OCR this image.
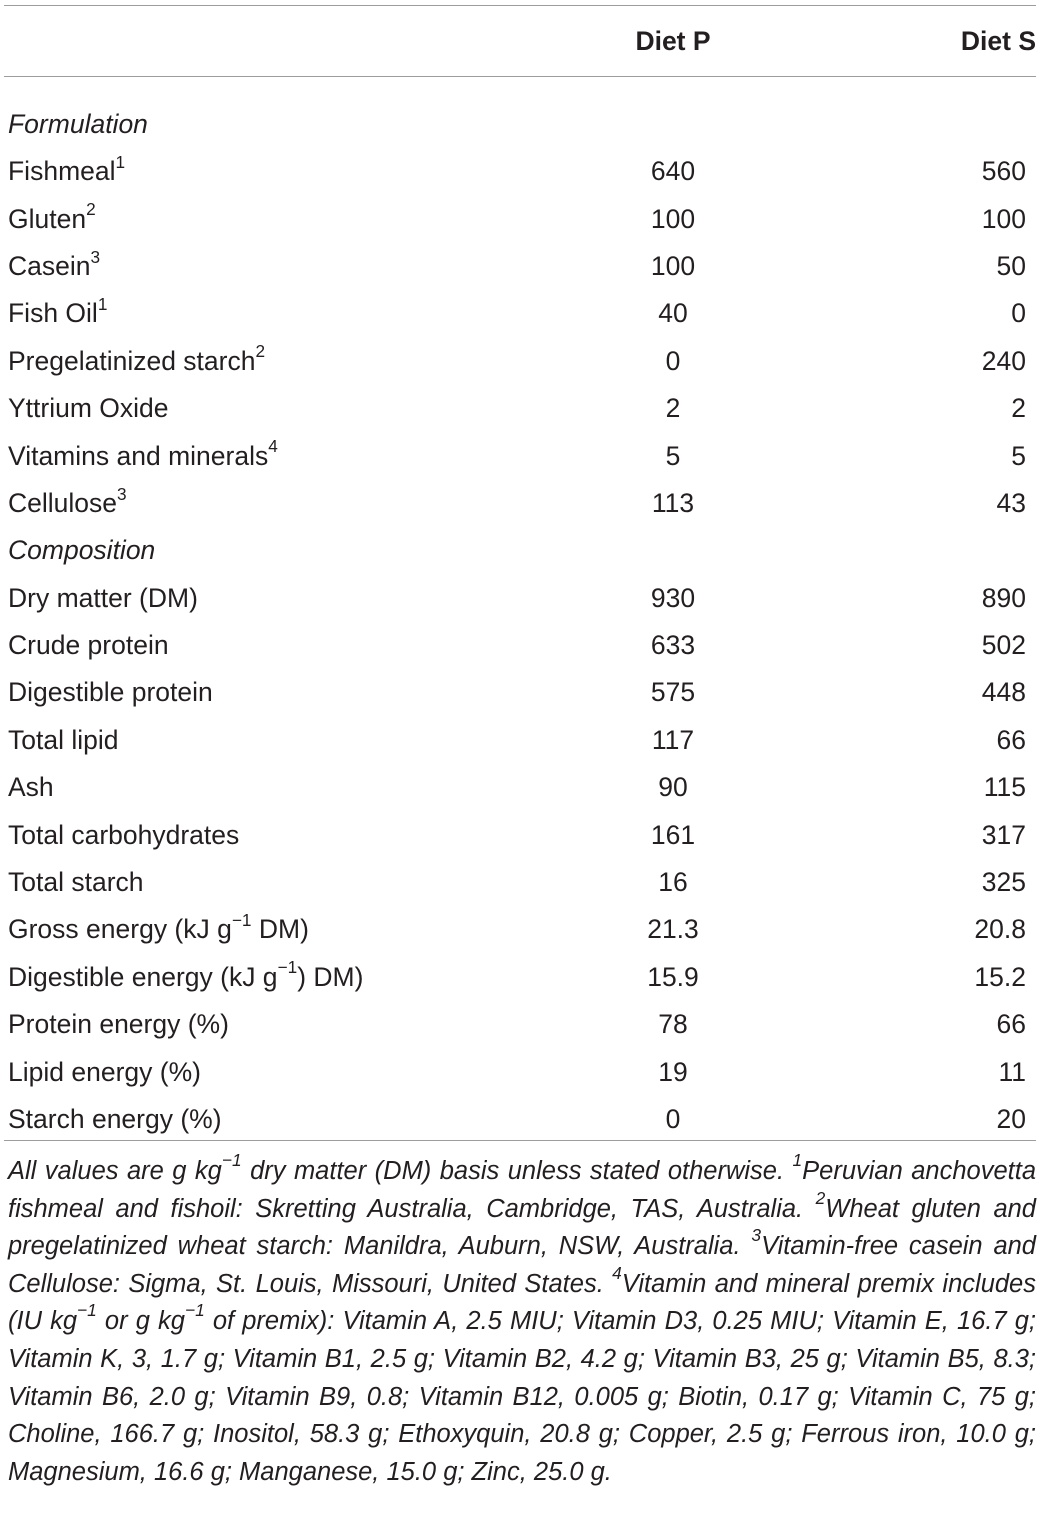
	Diet P	Diet S
Formulation		
Fishmeal$^1$	640	560
Gluten$^2$	100	100
Casein$^3$	100	50
Fish Oil$^1$	40	0
Pregelatinized starch$^2$	0	240
Yttrium Oxide	2	2
Vitamins and minerals$^4$	5	5
Cellulose$^3$	113	43
Composition		
Dry matter (DM)	930	890
Crude protein	633	502
Digestible protein	575	448
Total lipid	117	66
Ash	90	115
Total carbohydrates	161	317
Total starch	16	325
Gross energy (kJ $g^{-1}$ DM)	21.3	20.8
Digestible energy (kJ $g^{-1}$) DM)	15.9	15.2
Protein energy (%)	78	66
Lipid energy (%)	19	11
Starch energy (%)	0	20

All values are g $kg^{-1}$ dry matter (DM) basis unless stated otherwise. $^1$Peruvian anchovetta fishmeal and fishoil: Skretting Australia, Cambridge, TAS, Australia. $^2$Wheat gluten and pregelatinized wheat starch: Manildra, Auburn, NSW, Australia. $^3$Vitamin-free casein and Cellulose: Sigma, St. Louis, Missouri, United States. $^4$Vitamin and mineral premix includes (IU $kg^{-1}$ or g $kg^{-1}$ of premix): Vitamin A, 2.5 MIU; Vitamin D3, 0.25 MIU; Vitamin E, 16.7 g; Vitamin K, 3, 1.7 g; Vitamin B1, 2.5 g; Vitamin B2, 4.2 g; Vitamin B3, 25 g; Vitamin B5, 8.3; Vitamin B6, 2.0 g; Vitamin B9, 0.8; Vitamin B12, 0.005 g; Biotin, 0.17 g; Vitamin C, 75 g; Choline, 166.7 g; Inositol, 58.3 g; Ethoxyquin, 20.8 g; Copper, 2.5 g; Ferrous iron, 10.0 g; Magnesium, 16.6 g; Manganese, 15.0 g; Zinc, 25.0 g.
